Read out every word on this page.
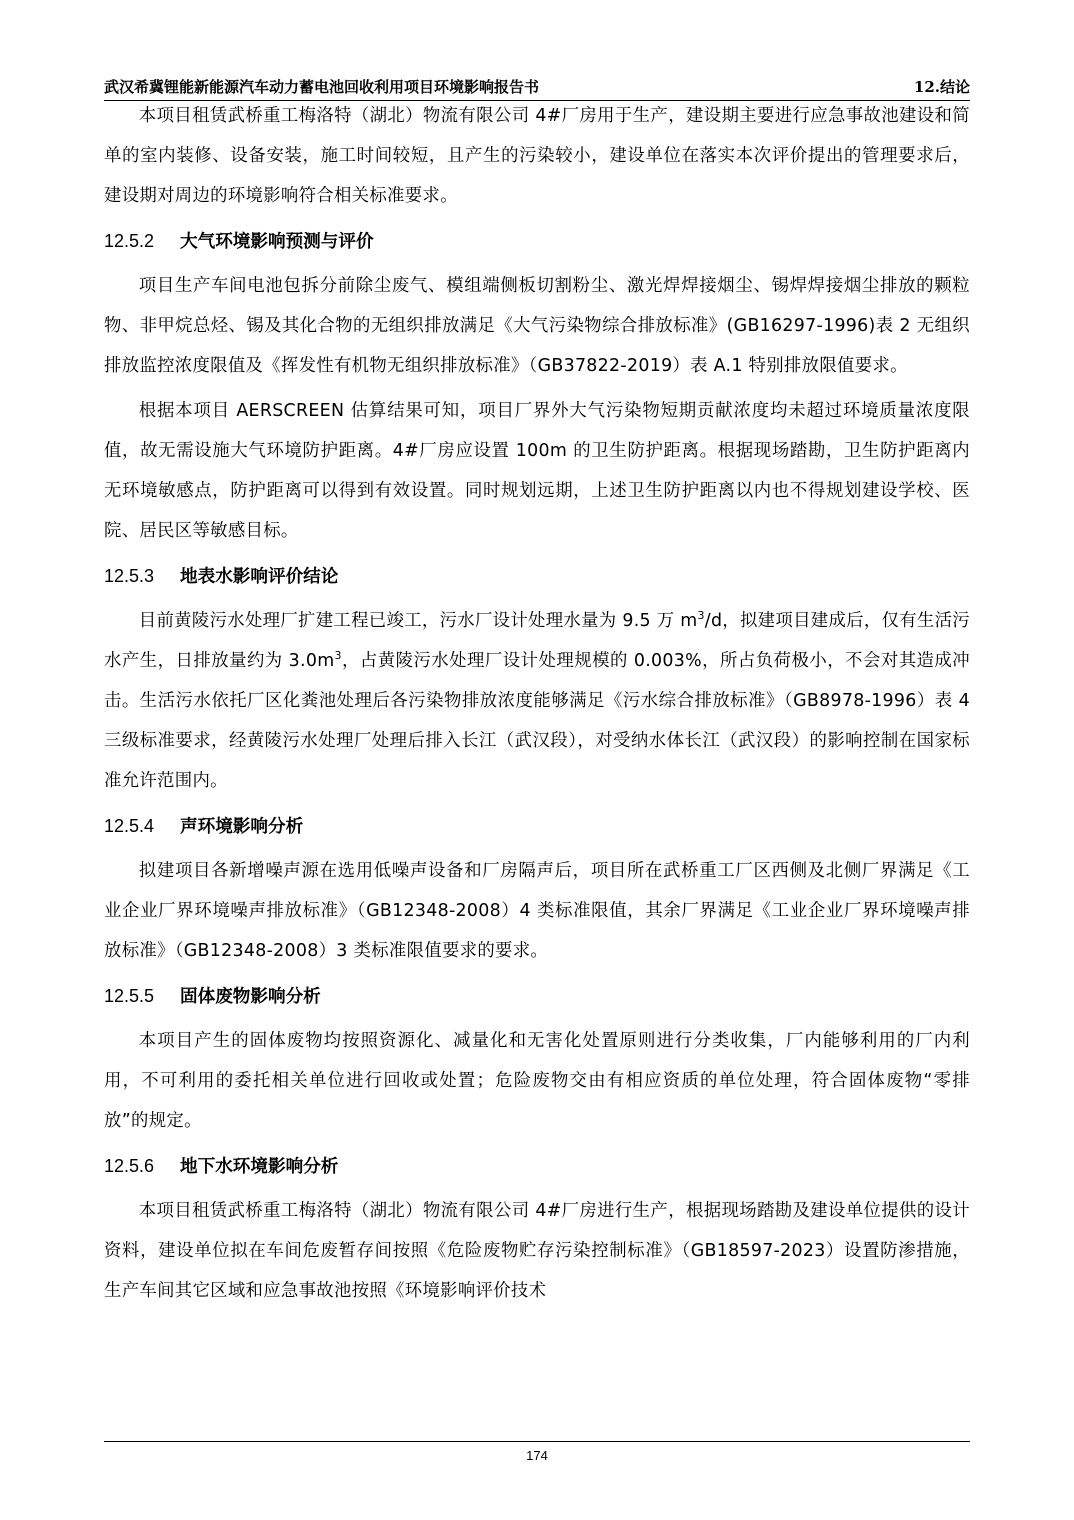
武汉希冀锂能新能源汽车动力蓄电池回收利用项目环境影响报告书	12.结论

本项目租赁武桥重工梅洛特（湖北）物流有限公司 4#厂房用于生产，建设期主要进行应急事故池建设和简单的室内装修、设备安装，施工时间较短，且产生的污染较小，建设单位在落实本次评价提出的管理要求后，建设期对周边的环境影响符合相关标准要求。

12.5.2 大气环境影响预测与评价

项目生产车间电池包拆分前除尘废气、模组端侧板切割粉尘、激光焊焊接烟尘、锡焊焊接烟尘排放的颗粒物、非甲烷总烃、锡及其化合物的无组织排放满足《大气污染物综合排放标准》(GB16297-1996)表 2 无组织排放监控浓度限值及《挥发性有机物无组织排放标准》（GB37822-2019）表 A.1 特别排放限值要求。

根据本项目 AERSCREEN 估算结果可知，项目厂界外大气污染物短期贡献浓度均未超过环境质量浓度限值，故无需设施大气环境防护距离。4#厂房应设置 100m 的卫生防护距离。根据现场踏勘，卫生防护距离内无环境敏感点，防护距离可以得到有效设置。同时规划远期，上述卫生防护距离以内也不得规划建设学校、医院、居民区等敏感目标。

12.5.3 地表水影响评价结论

目前黄陵污水处理厂扩建工程已竣工，污水厂设计处理水量为 9.5 万 $m^3/d$，拟建项目建成后，仅有生活污水产生，日排放量约为 $3.0m^3$，占黄陵污水处理厂设计处理规模的 0.003%，所占负荷极小，不会对其造成冲击。生活污水依托厂区化粪池处理后各污染物排放浓度能够满足《污水综合排放标准》（GB8978-1996）表 4 三级标准要求，经黄陵污水处理厂处理后排入长江（武汉段），对受纳水体长江（武汉段）的影响控制在国家标准允许范围内。

12.5.4 声环境影响分析

拟建项目各新增噪声源在选用低噪声设备和厂房隔声后，项目所在武桥重工厂区西侧及北侧厂界满足《工业企业厂界环境噪声排放标准》（GB12348-2008）4 类标准限值，其余厂界满足《工业企业厂界环境噪声排放标准》（GB12348-2008）3 类标准限值要求的要求。

12.5.5 固体废物影响分析

本项目产生的固体废物均按照资源化、减量化和无害化处置原则进行分类收集，厂内能够利用的厂内利用，不可利用的委托相关单位进行回收或处置；危险废物交由有相应资质的单位处理，符合固体废物“零排放”的规定。

12.5.6 地下水环境影响分析

本项目租赁武桥重工梅洛特（湖北）物流有限公司 4#厂房进行生产，根据现场踏勘及建设单位提供的设计资料，建设单位拟在车间危废暂存间按照《危险废物贮存污染控制标准》（GB18597-2023）设置防渗措施，生产车间其它区域和应急事故池按照《环境影响评价技术

174
